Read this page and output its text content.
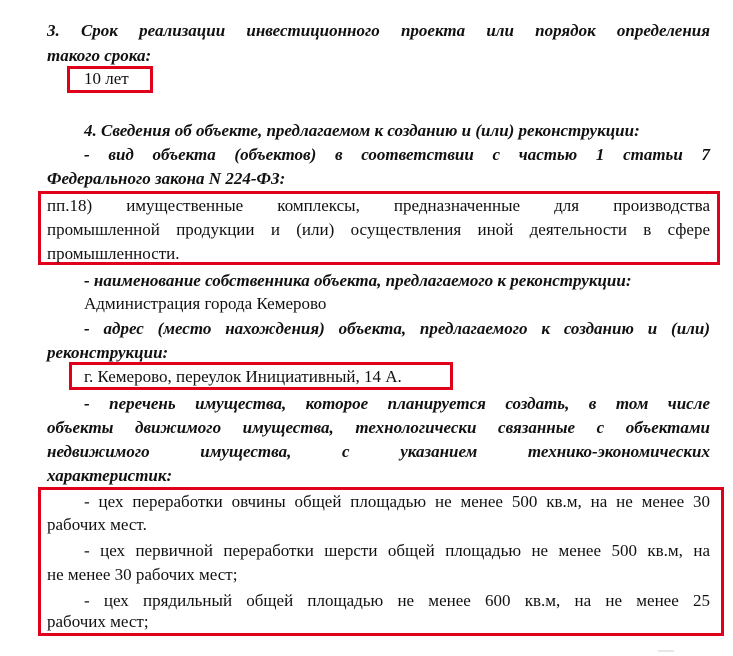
3. Срок реализации инвестиционного проекта или порядок определения
такого срока:
10 лет
4. Сведения об объекте, предлагаемом к созданию и (или) реконструкции:
- вид объекта (объектов) в соответствии с частью 1 статьи 7
Федерального закона N 224-ФЗ:
пп.18) имущественные комплексы, предназначенные для производства
промышленной продукции и (или) осуществления иной деятельности в сфере
промышленности.
- наименование собственника объекта, предлагаемого к реконструкции:
Администрация города Кемерово
- адрес (место нахождения) объекта, предлагаемого к созданию и (или)
реконструкции:
г. Кемерово, переулок Инициативный, 14 А.
- перечень имущества, которое планируется создать, в том числе
объекты движимого имущества, технологически связанные с объектами
недвижимого имущества, с указанием технико-экономических
характеристик:
- цех переработки овчины общей площадью не менее 500 кв.м, на не менее 30
рабочих мест.
- цех первичной переработки шерсти общей площадью не менее 500 кв.м, на
не менее 30 рабочих мест;
- цех прядильный общей площадью не менее 600 кв.м, на не менее 25
рабочих мест;
